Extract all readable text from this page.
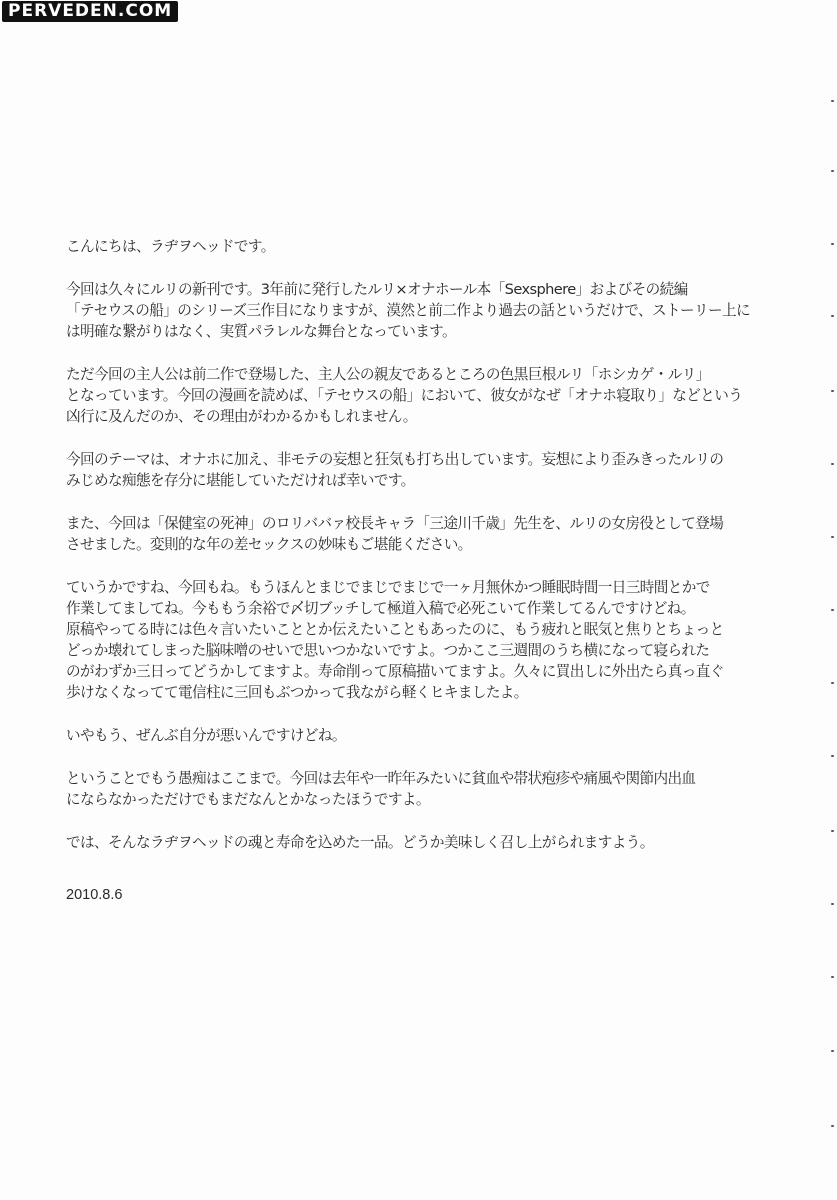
PERVEDEN.COM

こんにちは、ラヂヲヘッドです。

今回は久々にルリの新刊です。3年前に発行したルリ×オナホール本「Sexsphere」およびその続編
「テセウスの船」のシリーズ三作目になりますが、漠然と前二作より過去の話というだけで、ストーリー上に
は明確な繋がりはなく、実質パラレルな舞台となっています。

ただ今回の主人公は前二作で登場した、主人公の親友であるところの色黒巨根ルリ「ホシカゲ・ルリ」
となっています。今回の漫画を読めば、「テセウスの船」において、彼女がなぜ「オナホ寝取り」などという
凶行に及んだのか、その理由がわかるかもしれません。

今回のテーマは、オナホに加え、非モテの妄想と狂気も打ち出しています。妄想により歪みきったルリの
みじめな痴態を存分に堪能していただければ幸いです。

また、今回は「保健室の死神」のロリババァ校長キャラ「三途川千歳」先生を、ルリの女房役として登場
させました。変則的な年の差セックスの妙味もご堪能ください。

ていうかですね、今回もね。もうほんとまじでまじでまじで一ヶ月無休かつ睡眠時間一日三時間とかで
作業してましてね。今ももう余裕で〆切ブッチして極道入稿で必死こいて作業してるんですけどね。
原稿やってる時には色々言いたいこととか伝えたいこともあったのに、もう疲れと眠気と焦りとちょっと
どっか壊れてしまった脳味噌のせいで思いつかないですよ。つかここ三週間のうち横になって寝られた
のがわずか三日ってどうかしてますよ。寿命削って原稿描いてますよ。久々に買出しに外出たら真っ直ぐ
歩けなくなってて電信柱に三回もぶつかって我ながら軽くヒキましたよ。

いやもう、ぜんぶ自分が悪いんですけどね。

ということでもう愚痴はここまで。今回は去年や一昨年みたいに貧血や帯状疱疹や痛風や関節内出血
にならなかっただけでもまだなんとかなったほうですよ。

では、そんなラヂヲヘッドの魂と寿命を込めた一品。どうか美味しく召し上がられますよう。

2010.8.6
